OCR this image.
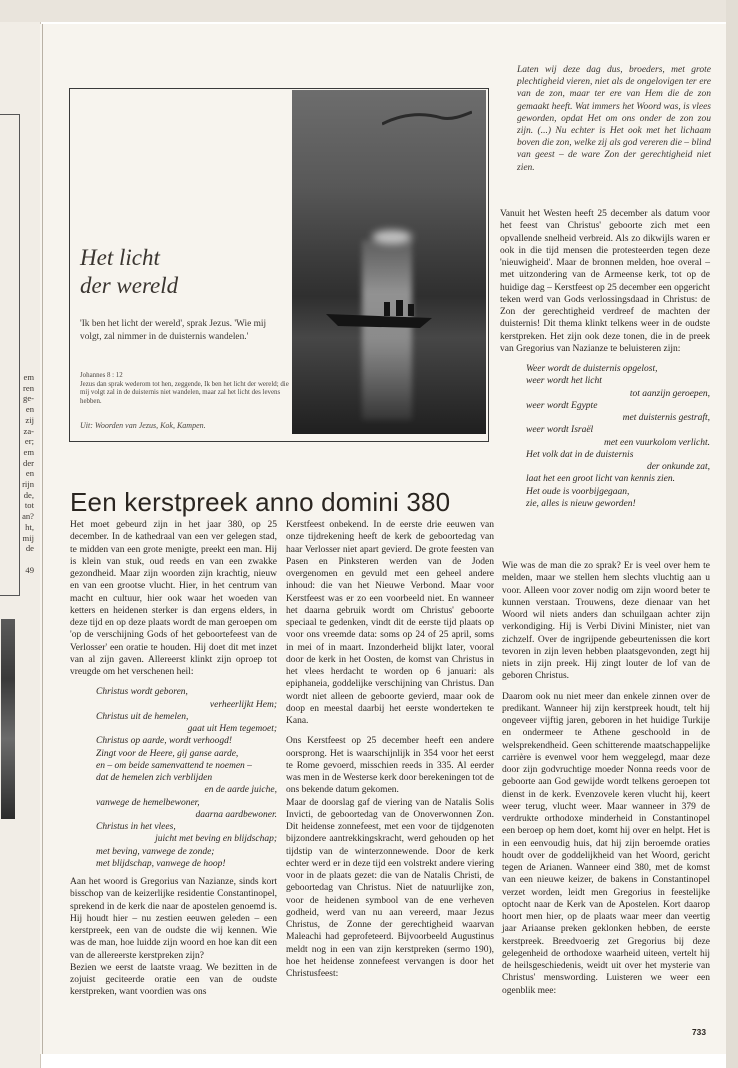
em
ren
ge-
en
zij
za-
er;
em
der
en
rijn
de,
tot
an?
ht,
mij
de

49
Het licht
der wereld
'Ik ben het licht der wereld', sprak Jezus. 'Wie mij volgt, zal nimmer in de duisternis wandelen.'
Johannes 8 : 12
Jezus dan sprak wederom tot hen, zeggende, Ik ben het licht der wereld; die mij volgt zal in de duisternis niet wandelen, maar zal het licht des levens hebben.
Uit: Woorden van Jezus, Kok, Kampen.
Laten wij deze dag dus, broeders, met grote plechtigheid vieren, niet als de ongelovigen ter ere van de zon, maar ter ere van Hem die de zon gemaakt heeft. Wat immers het Woord was, is vlees geworden, opdat Het om ons onder de zon zou zijn. (...) Nu echter is Het ook met het lichaam boven die zon, welke zij als god vereren die – blind van geest – de ware Zon der gerechtigheid niet zien.

Vanuit het Westen heeft 25 december als datum voor het feest van Christus' geboorte zich met een opvallende snelheid verbreid. Als zo dikwijls waren er ook in die tijd mensen die protesteerden tegen deze 'nieuwigheid'. Maar de bronnen melden, hoe overal – met uitzondering van de Armeense kerk, tot op de huidige dag – Kerstfeest op 25 december een opgericht teken werd van Gods verlossingsdaad in Christus: de Zon der gerechtigheid verdreef de machten der duisternis! Dit thema klinkt telkens weer in de oudste kerstpreken. Het zijn ook deze tonen, die in de preek van Gregorius van Nazianze te beluisteren zijn:

Weer wordt de duisternis opgelost,
weer wordt het licht
tot aanzijn geroepen,
weer wordt Egypte
met duisternis gestraft,
weer wordt Israël
met een vuurkolom verlicht.
Het volk dat in de duisternis
der onkunde zat,
laat het een groot licht van kennis zien.
Het oude is voorbijgegaan,
zie, alles is nieuw geworden!
Een kerstpreek anno domini 380

Het moet gebeurd zijn in het jaar 380, op 25 december. In de kathedraal van een ver gelegen stad, te midden van een grote menigte, preekt een man. Hij is klein van stuk, oud reeds en van een zwakke gezondheid. Maar zijn woorden zijn krachtig, nieuw en van een grootse vlucht. Hier, in het centrum van macht en cultuur, hier ook waar het woeden van ketters en heidenen sterker is dan ergens elders, in deze tijd en op deze plaats wordt de man geroepen om 'op de verschijning Gods of het geboortefeest van de Verlosser' een oratie te houden. Hij doet dit met inzet van al zijn gaven. Allereerst klinkt zijn oproep tot vreugde om het verschenen heil:

Christus wordt geboren,
verheerlijkt Hem;
Christus uit de hemelen,
gaat uit Hem tegemoet;
Christus op aarde, wordt verhoogd!
Zingt voor de Heere, gij ganse aarde,
en – om beide samenvattend te noemen –
dat de hemelen zich verblijden
en de aarde juiche,
vanwege de hemelbewoner,
daarna aardbewoner.
Christus in het vlees,
juicht met beving en blijdschap;
met beving, vanwege de zonde;
met blijdschap, vanwege de hoop!

Aan het woord is Gregorius van Nazianze, sinds kort bisschop van de keizerlijke residentie Constantinopel, sprekend in de kerk die naar de apostelen genoemd is. Hij houdt hier – nu zestien eeuwen geleden – een kerstpreek, een van de oudste die wij kennen. Wie was de man, hoe luidde zijn woord en hoe kan dit een van de allereerste kerstpreken zijn?

Bezien we eerst de laatste vraag. We bezitten in de zojuist geciteerde oratie een van de oudste kerstpreken, want voordien was ons

Kerstfeest onbekend. In de eerste drie eeuwen van onze tijdrekening heeft de kerk de geboortedag van haar Verlosser niet apart gevierd. De grote feesten van Pasen en Pinksteren werden van de Joden overgenomen en gevuld met een geheel andere inhoud: die van het Nieuwe Verbond. Maar voor Kerstfeest was er zo een voorbeeld niet. En wanneer het daarna gebruik wordt om Christus' geboorte speciaal te gedenken, vindt dit de eerste tijd plaats op voor ons vreemde data: soms op 24 of 25 april, soms in mei of in maart. Inzonderheid blijkt later, vooral door de kerk in het Oosten, de komst van Christus in het vlees herdacht te worden op 6 januari: als epiphaneia, goddelijke verschijning van Christus. Dan wordt niet alleen de geboorte gevierd, maar ook de doop en meestal daarbij het eerste wonderteken te Kana.

Ons Kerstfeest op 25 december heeft een andere oorsprong. Het is waarschijnlijk in 354 voor het eerst te Rome gevoerd, misschien reeds in 335. Al eerder was men in de Westerse kerk door berekeningen tot de ons bekende datum gekomen.

Maar de doorslag gaf de viering van de Natalis Solis Invicti, de geboortedag van de Onoverwonnen Zon. Dit heidense zonnefeest, met een voor de tijdgenoten bijzondere aantrekkingskracht, werd gehouden op het tijdstip van de winterzonnewende. Door de kerk echter werd er in deze tijd een volstrekt andere viering voor in de plaats gezet: die van de Natalis Christi, de geboortedag van Christus. Niet de natuurlijke zon, voor de heidenen symbool van de ene verheven godheid, werd van nu aan vereerd, maar Jezus Christus, de Zonne der gerechtigheid waarvan Maleachi had geprofeteerd. Bijvoorbeeld Augustinus meldt nog in een van zijn kerstpreken (sermo 190), hoe het heidense zonnefeest vervangen is door het Christusfeest:

Wie was de man die zo sprak? Er is veel over hem te melden, maar we stellen hem slechts vluchtig aan u voor. Alleen voor zover nodig om zijn woord beter te kunnen verstaan. Trouwens, deze dienaar van het Woord wil niets anders dan schuilgaan achter zijn verkondiging. Hij is Verbi Divini Minister, niet van zichzelf. Over de ingrijpende gebeurtenissen die kort tevoren in zijn leven hebben plaatsgevonden, zegt hij niets in zijn preek. Hij zingt louter de lof van de geboren Christus.

Daarom ook nu niet meer dan enkele zinnen over de predikant. Wanneer hij zijn kerstpreek houdt, telt hij ongeveer vijftig jaren, geboren in het huidige Turkije en ondermeer te Athene geschoold in de welsprekendheid. Geen schitterende maatschappelijke carrière is evenwel voor hem weggelegd, maar deze door zijn godvruchtige moeder Nonna reeds voor de geboorte aan God gewijde wordt telkens geroepen tot dienst in de kerk. Evenzovele keren vlucht hij, keert weer terug, vlucht weer. Maar wanneer in 379 de verdrukte orthodoxe minderheid in Constantinopel een beroep op hem doet, komt hij over en helpt. Het is in een eenvoudig huis, dat hij zijn beroemde oraties houdt over de goddelijkheid van het Woord, gericht tegen de Arianen. Wanneer eind 380, met de komst van een nieuwe keizer, de bakens in Constantinopel verzet worden, leidt men Gregorius in feestelijke optocht naar de Kerk van de Apostelen. Kort daarop hoort men hier, op de plaats waar meer dan veertig jaar Ariaanse preken geklonken hebben, de eerste kerstpreek. Breedvoerig zet Gregorius bij deze gelegenheid de orthodoxe waarheid uiteen, vertelt hij de heilsgeschiedenis, weidt uit over het mysterie van Christus' menswording. Luisteren we weer een ogenblik mee:

733
